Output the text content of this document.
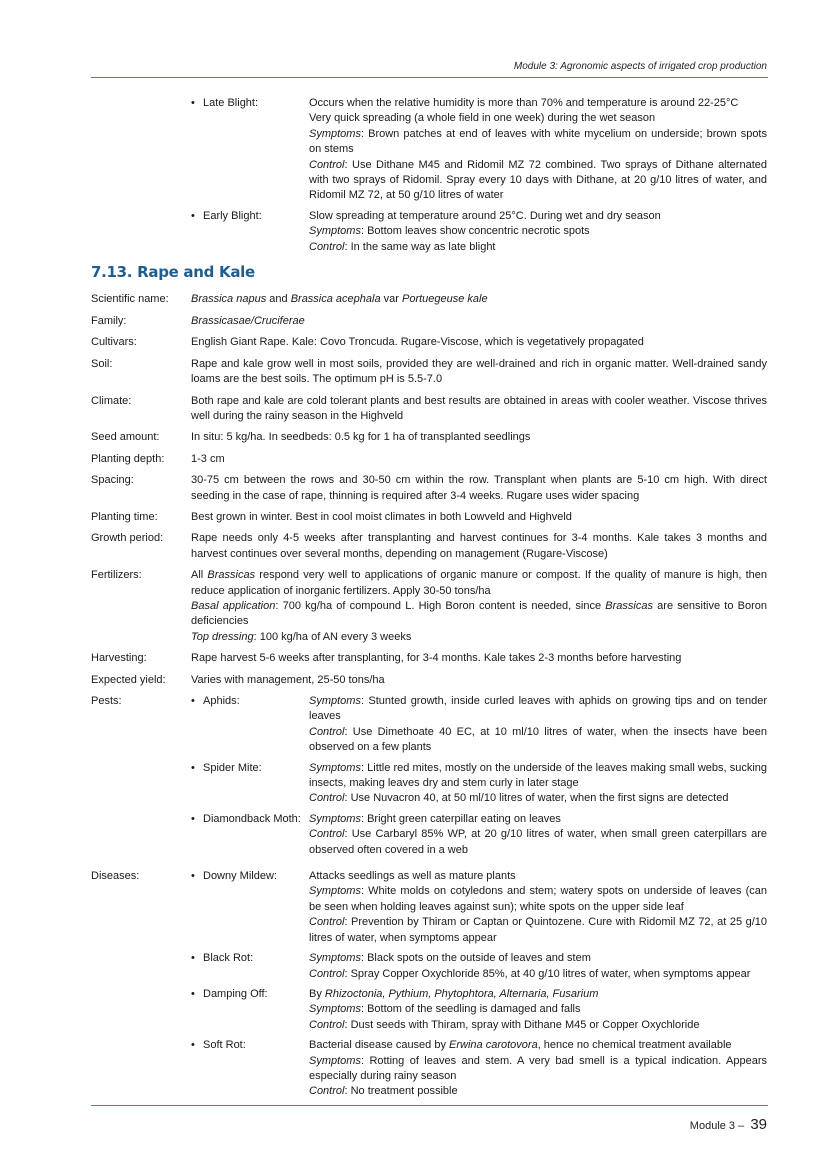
Module 3: Agronomic aspects of irrigated crop production
• Late Blight:	Occurs when the relative humidity is more than 70% and temperature is around 22-25°C
Very quick spreading (a whole field in one week) during the wet season
Symptoms: Brown patches at end of leaves with white mycelium on underside; brown spots on stems
Control: Use Dithane M45 and Ridomil MZ 72 combined. Two sprays of Dithane alternated with two sprays of Ridomil. Spray every 10 days with Dithane, at 20 g/10 litres of water, and Ridomil MZ 72, at 50 g/10 litres of water
• Early Blight:	Slow spreading at temperature around 25°C. During wet and dry season
Symptoms: Bottom leaves show concentric necrotic spots
Control: In the same way as late blight
7.13. Rape and Kale
Scientific name:	Brassica napus and Brassica acephala var Portuegeuse kale
Family:	Brassicasae/Cruciferae
Cultivars:	English Giant Rape. Kale: Covo Troncuda. Rugare-Viscose, which is vegetatively propagated
Soil:	Rape and kale grow well in most soils, provided they are well-drained and rich in organic matter. Well-drained sandy loams are the best soils. The optimum pH is 5.5-7.0
Climate:	Both rape and kale are cold tolerant plants and best results are obtained in areas with cooler weather. Viscose thrives well during the rainy season in the Highveld
Seed amount:	In situ: 5 kg/ha. In seedbeds: 0.5 kg for 1 ha of transplanted seedlings
Planting depth:	1-3 cm
Spacing:	30-75 cm between the rows and 30-50 cm within the row. Transplant when plants are 5-10 cm high. With direct seeding in the case of rape, thinning is required after 3-4 weeks. Rugare uses wider spacing
Planting time:	Best grown in winter. Best in cool moist climates in both Lowveld and Highveld
Growth period:	Rape needs only 4-5 weeks after transplanting and harvest continues for 3-4 months. Kale takes 3 months and harvest continues over several months, depending on management (Rugare-Viscose)
Fertilizers:	All Brassicas respond very well to applications of organic manure or compost. If the quality of manure is high, then reduce application of inorganic fertilizers. Apply 30-50 tons/ha
Basal application: 700 kg/ha of compound L. High Boron content is needed, since Brassicas are sensitive to Boron deficiencies
Top dressing: 100 kg/ha of AN every 3 weeks
Harvesting:	Rape harvest 5-6 weeks after transplanting, for 3-4 months. Kale takes 2-3 months before harvesting
Expected yield:	Varies with management, 25-50 tons/ha
Pests:	• Aphids:	Symptoms: Stunted growth, inside curled leaves with aphids on growing tips and on tender leaves
Control: Use Dimethoate 40 EC, at 10 ml/10 litres of water, when the insects have been observed on a few plants
• Spider Mite:	Symptoms: Little red mites, mostly on the underside of the leaves making small webs, sucking insects, making leaves dry and stem curly in later stage
Control: Use Nuvacron 40, at 50 ml/10 litres of water, when the first signs are detected
• Diamondback Moth: Symptoms: Bright green caterpillar eating on leaves
Control: Use Carbaryl 85% WP, at 20 g/10 litres of water, when small green caterpillars are observed often covered in a web
Diseases:	• Downy Mildew:	Attacks seedlings as well as mature plants
Symptoms: White molds on cotyledons and stem; watery spots on underside of leaves (can be seen when holding leaves against sun); white spots on the upper side leaf
Control: Prevention by Thiram or Captan or Quintozene. Cure with Ridomil MZ 72, at 25 g/10 litres of water, when symptoms appear
• Black Rot:	Symptoms: Black spots on the outside of leaves and stem
Control: Spray Copper Oxychloride 85%, at 40 g/10 litres of water, when symptoms appear
• Damping Off:	By Rhizoctonia, Pythium, Phytophtora, Alternaria, Fusarium
Symptoms: Bottom of the seedling is damaged and falls
Control: Dust seeds with Thiram, spray with Dithane M45 or Copper Oxychloride
• Soft Rot:	Bacterial disease caused by Erwina carotovora, hence no chemical treatment available
Symptoms: Rotting of leaves and stem. A very bad smell is a typical indication. Appears especially during rainy season
Control: No treatment possible
Module 3 – 39
